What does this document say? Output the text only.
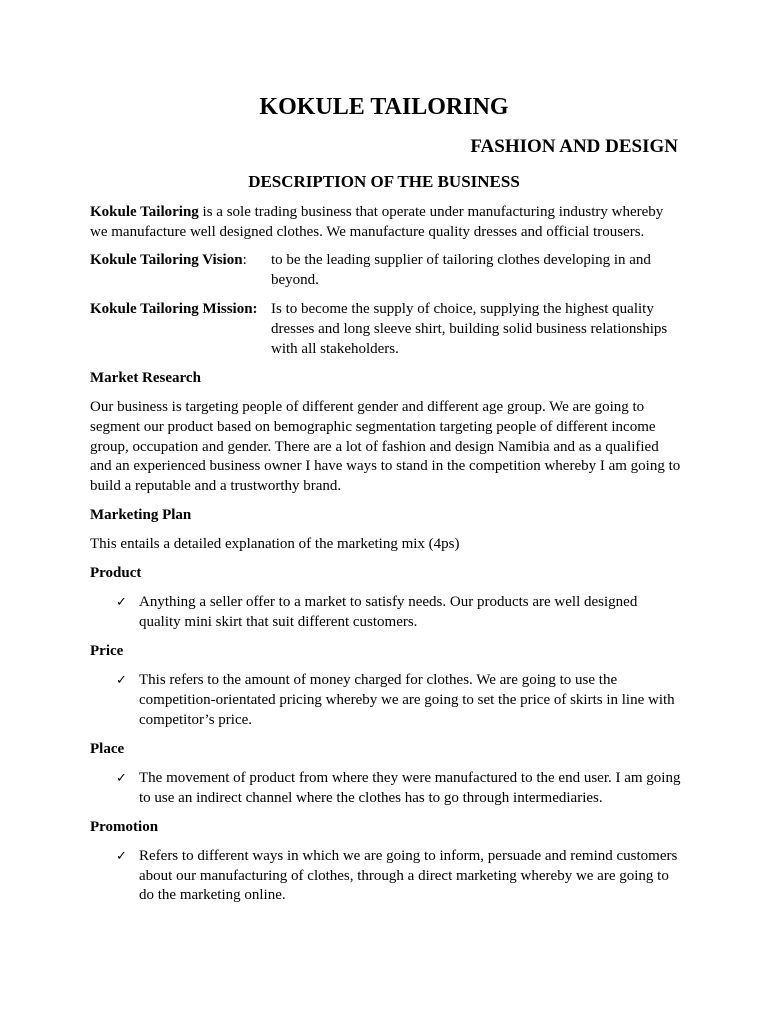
KOKULE TAILORING
FASHION AND DESIGN
DESCRIPTION OF THE BUSINESS

Kokule Tailoring is a sole trading business that operate under manufacturing industry whereby we manufacture well designed clothes. We manufacture quality dresses and official trousers.

Kokule Tailoring Vision:	to be the leading supplier of tailoring clothes developing in and beyond.
Kokule Tailoring Mission: Is to become the supply of choice, supplying the highest quality dresses and long sleeve shirt, building solid business relationships with all stakeholders.

Market Research

Our business is targeting people of different gender and different age group. We are going to segment our product based on bemographic segmentation targeting people of different income group, occupation and gender. There are a lot of fashion and design Namibia and as a qualified and an experienced business owner I have ways to stand in the competition whereby I am going to build a reputable and a trustworthy brand.

Marketing Plan

This entails a detailed explanation of the marketing mix (4ps)

Product

✓ Anything a seller offer to a market to satisfy needs. Our products are well designed quality mini skirt that suit different customers.

Price

✓ This refers to the amount of money charged for clothes. We are going to use the competition-orientated pricing whereby we are going to set the price of skirts in line with competitor’s price.

Place

✓ The movement of product from where they were manufactured to the end user. I am going to use an indirect channel where the clothes has to go through intermediaries.

Promotion

✓ Refers to different ways in which we are going to inform, persuade and remind customers about our manufacturing of clothes, through a direct marketing whereby we are going to do the marketing online.
